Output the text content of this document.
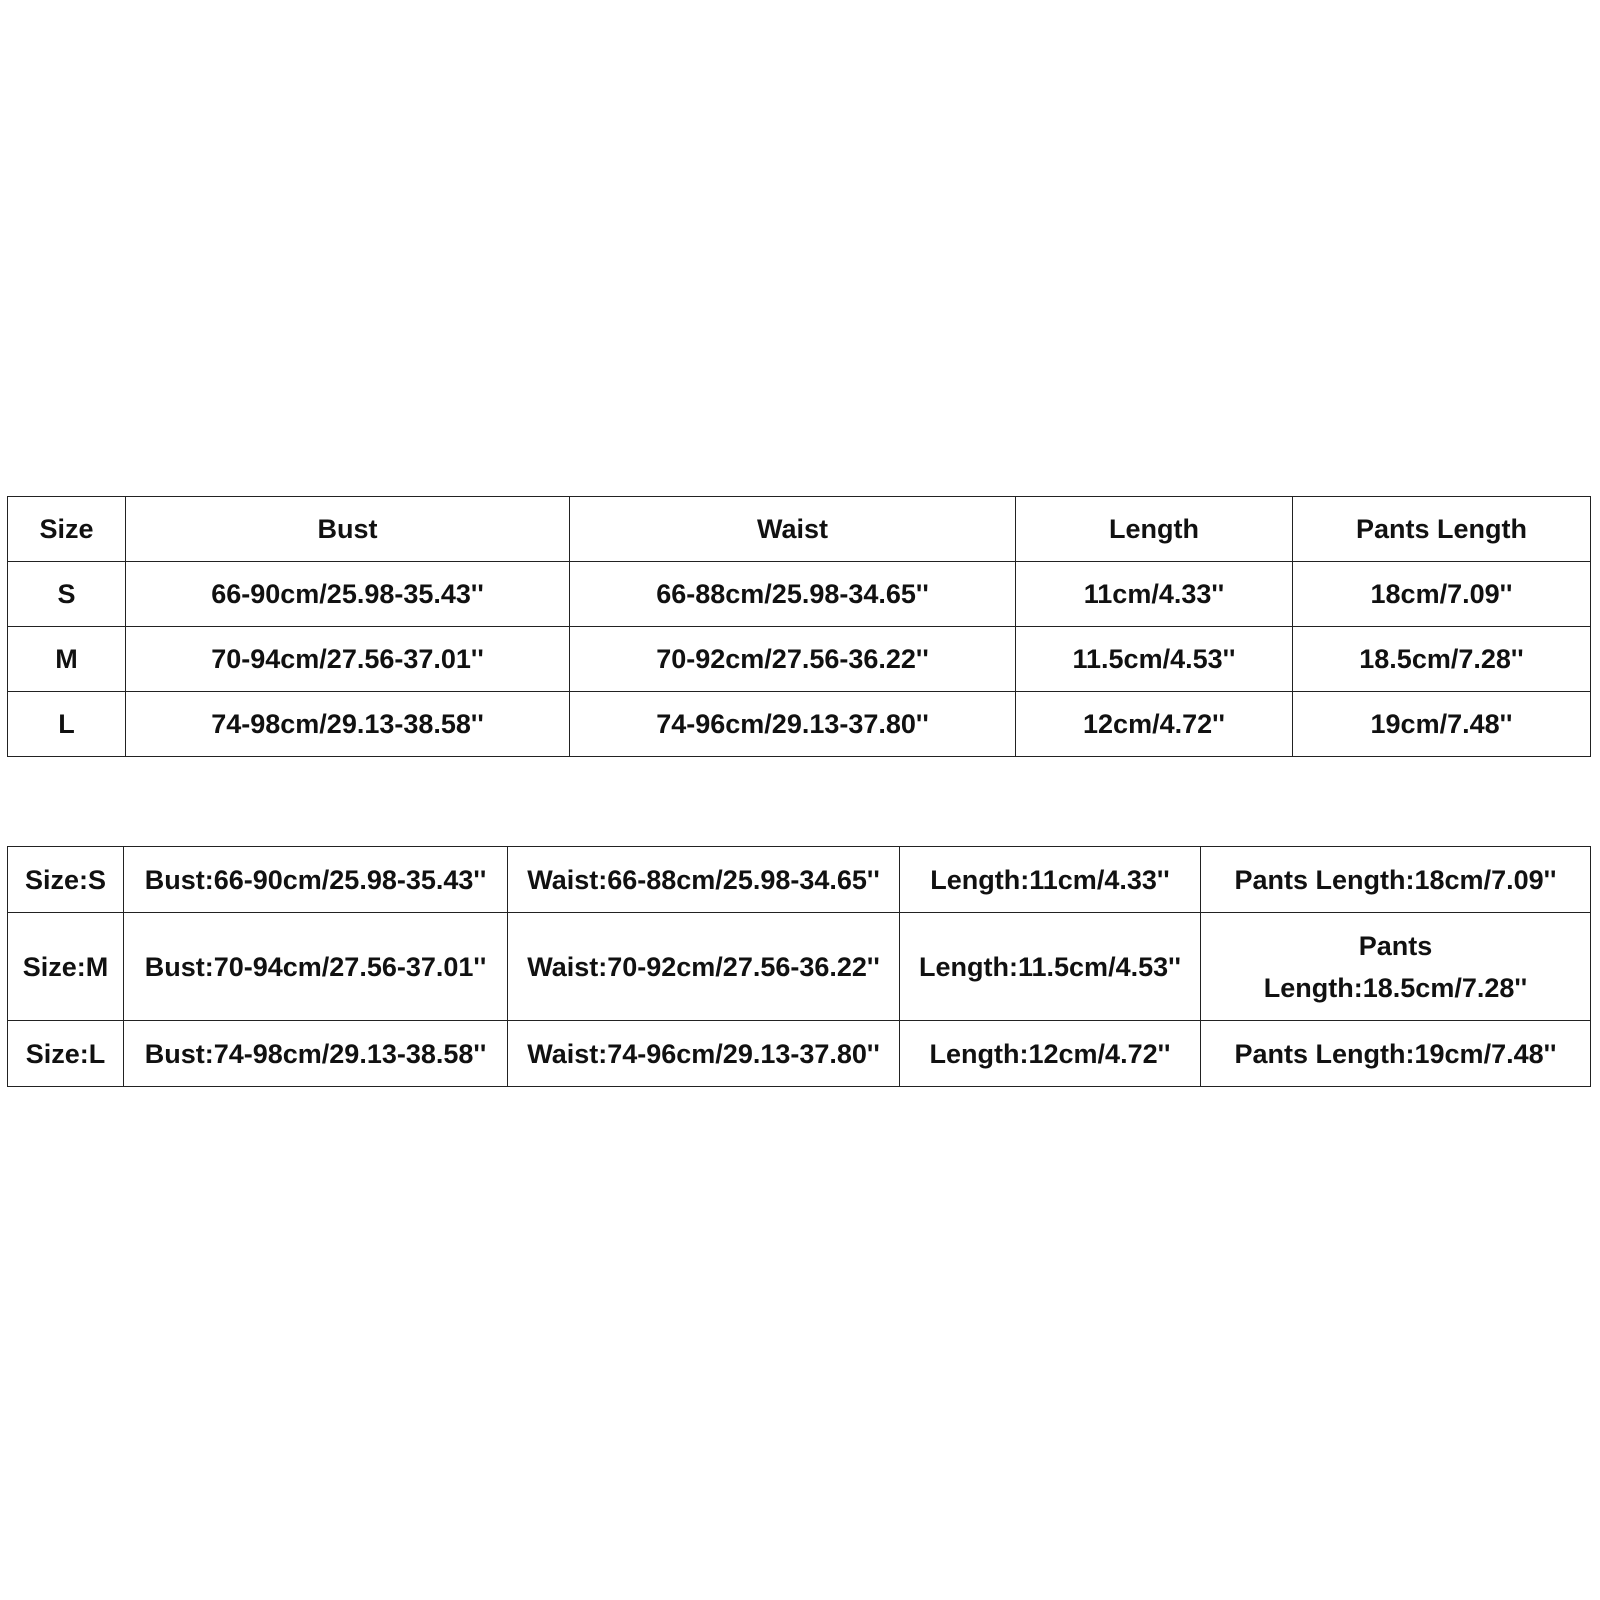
Size	Bust	Waist	Length	Pants Length
S	66-90cm/25.98-35.43''	66-88cm/25.98-34.65''	11cm/4.33''	18cm/7.09''
M	70-94cm/27.56-37.01''	70-92cm/27.56-36.22''	11.5cm/4.53''	18.5cm/7.28''
L	74-98cm/29.13-38.58''	74-96cm/29.13-37.80''	12cm/4.72''	19cm/7.48''
Size:S	Bust:66-90cm/25.98-35.43''	Waist:66-88cm/25.98-34.65''	Length:11cm/4.33''	Pants Length:18cm/7.09''
Size:M	Bust:70-94cm/27.56-37.01''	Waist:70-92cm/27.56-36.22''	Length:11.5cm/4.53''	Pants Length:18.5cm/7.28''
Size:L	Bust:74-98cm/29.13-38.58''	Waist:74-96cm/29.13-37.80''	Length:12cm/4.72''	Pants Length:19cm/7.48''
